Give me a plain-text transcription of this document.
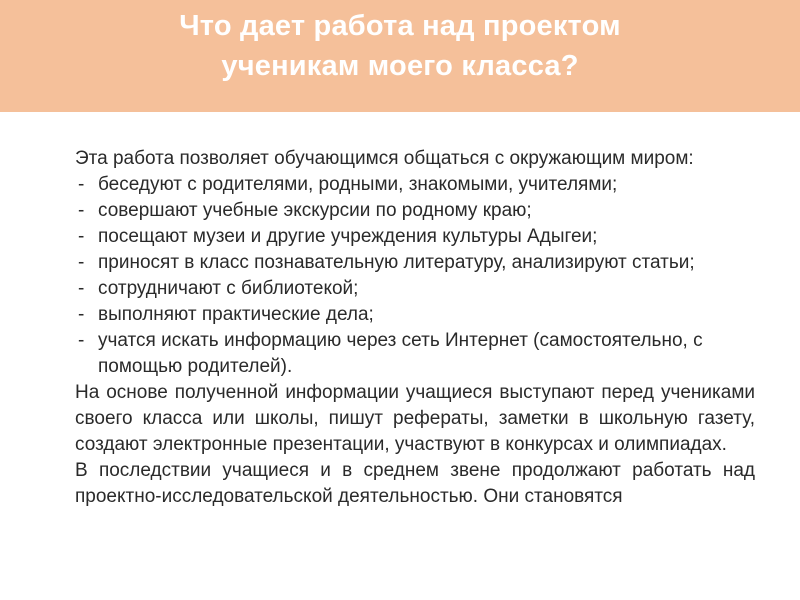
Что дает работа над проектом
ученикам моего класса?

Эта работа позволяет обучающимся общаться с окружающим миром:

- беседуют с родителями, родными, знакомыми, учителями;
- совершают учебные экскурсии по родному краю;
- посещают музеи и другие учреждения культуры Адыгеи;
- приносят в класс познавательную литературу, анализируют статьи;
- сотрудничают с библиотекой;
- выполняют практические дела;
- учатся искать информацию через сеть Интернет (самостоятельно, с помощью родителей).

На основе полученной информации учащиеся выступают перед учениками своего класса или школы, пишут рефераты, заметки в школьную газету, создают электронные презентации, участвуют в конкурсах и олимпиадах.

В последствии учащиеся и в среднем звене продолжают работать над проектно-исследовательской деятельностью. Они становятся
